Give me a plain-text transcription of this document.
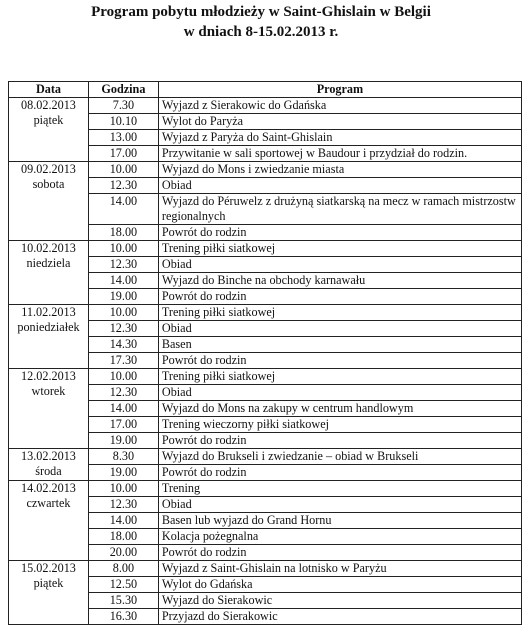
Program pobytu młodzieży w Saint-Ghislain w Belgii
w dniach 8-15.02.2013 r.
Data	Godzina	Program

08.02.2013
piątek	7.30	Wyjazd z Sierakowic do Gdańska
	10.10	Wylot do Paryża
	13.00	Wyjazd z Paryża do Saint-Ghislain
	17.00	Przywitanie w sali sportowej w Baudour i przydział do rodzin.

09.02.2013
sobota	10.00	Wyjazd do Mons i zwiedzanie miasta
	12.30	Obiad
	14.00	Wyjazd do Péruwelz z drużyną siatkarską na mecz w ramach mistrzostw regionalnych
	18.00	Powrót do rodzin

10.02.2013
niedziela	10.00	Trening piłki siatkowej
	12.30	Obiad
	14.00	Wyjazd do Binche na obchody karnawału
	19.00	Powrót do rodzin

11.02.2013
poniedziałek	10.00	Trening piłki siatkowej
	12.30	Obiad
	14.30	Basen
	17.30	Powrót do rodzin

12.02.2013
wtorek	10.00	Trening piłki siatkowej
	12.30	Obiad
	14.00	Wyjazd do Mons na zakupy w centrum handlowym
	17.00	Trening wieczorny piłki siatkowej
	19.00	Powrót do rodzin

13.02.2013
środa	8.30	Wyjazd do Brukseli i zwiedzanie – obiad w Brukseli
	19.00	Powrót do rodzin

14.02.2013
czwartek	10.00	Trening
	12.30	Obiad
	14.00	Basen lub wyjazd do Grand Hornu
	18.00	Kolacja pożegnalna
	20.00	Powrót do rodzin

15.02.2013
piątek	8.00	Wyjazd z Saint-Ghislain na lotnisko w Paryżu
	12.50	Wylot do Gdańska
	15.30	Wyjazd do Sierakowic
	16.30	Przyjazd do Sierakowic
